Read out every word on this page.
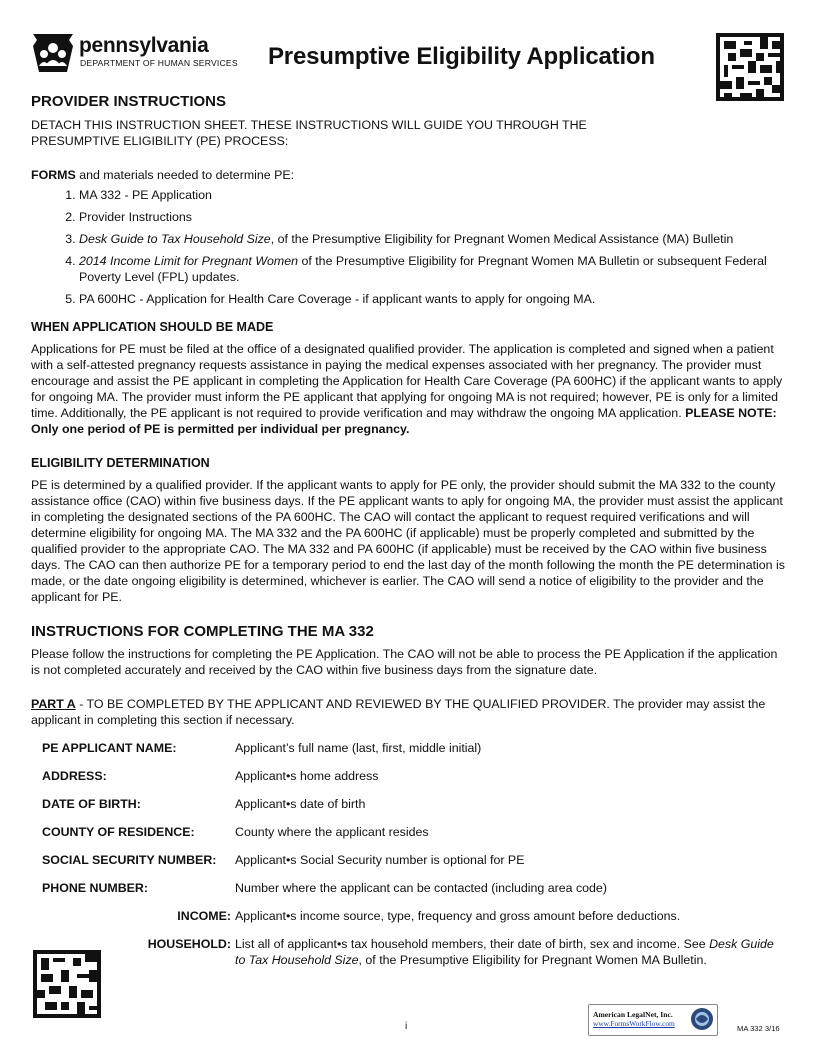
pennsylvania
DEPARTMENT OF HUMAN SERVICES Presumptive Eligibility Application

PROVIDER INSTRUCTIONS

DETACH THIS INSTRUCTION SHEET. THESE INSTRUCTIONS WILL GUIDE YOU THROUGH THE

PRESUMPTIVE ELIGIBILITY (PE) PROCESS:

FORMS and materials needed to determine PE:

1. MA 332 - PE Application
2. Provider Instructions
3. Desk Guide to Tax Household Size, of the Presumptive Eligibility for Pregnant Women Medical Assistance (MA) Bulletin
4. 2014 Income Limit for Pregnant Women of the Presumptive Eligibility for Pregnant Women MA Bulletin or subsequent Federal Poverty Level (FPL) updates.
5. PA 600HC - Application for Health Care Coverage - if applicant wants to apply for ongoing MA.

WHEN APPLICATION SHOULD BE MADE

Applications for PE must be filed at the office of a designated qualified provider. The application is completed and signed when a patient with a self-attested pregnancy requests assistance in paying the medical expenses associated with her pregnancy. The provider must encourage and assist the PE applicant in completing the Application for Health Care Coverage (PA 600HC) if the applicant wants to apply for ongoing MA. The provider must inform the PE applicant that applying for ongoing MA is not required; however, PE is only for a limited time. Additionally, the PE applicant is not required to provide verification and may withdraw the ongoing MA application. PLEASE NOTE: Only one period of PE is permitted per individual per pregnancy.

ELIGIBILITY DETERMINATION

PE is determined by a qualified provider. If the applicant wants to apply for PE only, the provider should submit the MA 332 to the county assistance office (CAO) within five business days. If the PE applicant wants to aply for ongoing MA, the provider must assist the applicant in completing the designated sections of the PA 600HC. The CAO will contact the applicant to request required verifications and will determine eligibility for ongoing MA. The MA 332 and the PA 600HC (if applicable) must be properly completed and submitted by the qualified provider to the appropriate CAO. The MA 332 and PA 600HC (if applicable) must be received by the CAO within five business days. The CAO can then authorize PE for a temporary period to end the last day of the month following the month the PE determination is made, or the date ongoing eligibility is determined, whichever is earlier. The CAO will send a notice of eligibility to the provider and the applicant for PE.

INSTRUCTIONS FOR COMPLETING THE MA 332

Please follow the instructions for completing the PE Application. The CAO will not be able to process the PE Application if the application is not completed accurately and received by the CAO within five business days from the signature date.

PART A - TO BE COMPLETED BY THE APPLICANT AND REVIEWED BY THE QUALIFIED PROVIDER. The provider may assist the applicant in completing this section if necessary.

PE APPLICANT NAME:	Applicant’s full name (last, first, middle initial)
ADDRESS:	Applicant•s home address
DATE OF BIRTH:	Applicant•s date of birth
COUNTY OF RESIDENCE:	County where the applicant resides
SOCIAL SECURITY NUMBER:	Applicant•s Social Security number is optional for PE
PHONE NUMBER:	Number where the applicant can be contacted (including area code)
INCOME: Applicant•s income source, type, frequency and gross amount before deductions.
HOUSEHOLD: List all of applicant•s tax household members, their date of birth, sex and income. See Desk Guide to Tax Household Size, of the Presumptive Eligibility for Pregnant Women MA Bulletin.
i
American LegalNet, Inc.
www.FormsWorkFlow.com
MA 332 3/16
